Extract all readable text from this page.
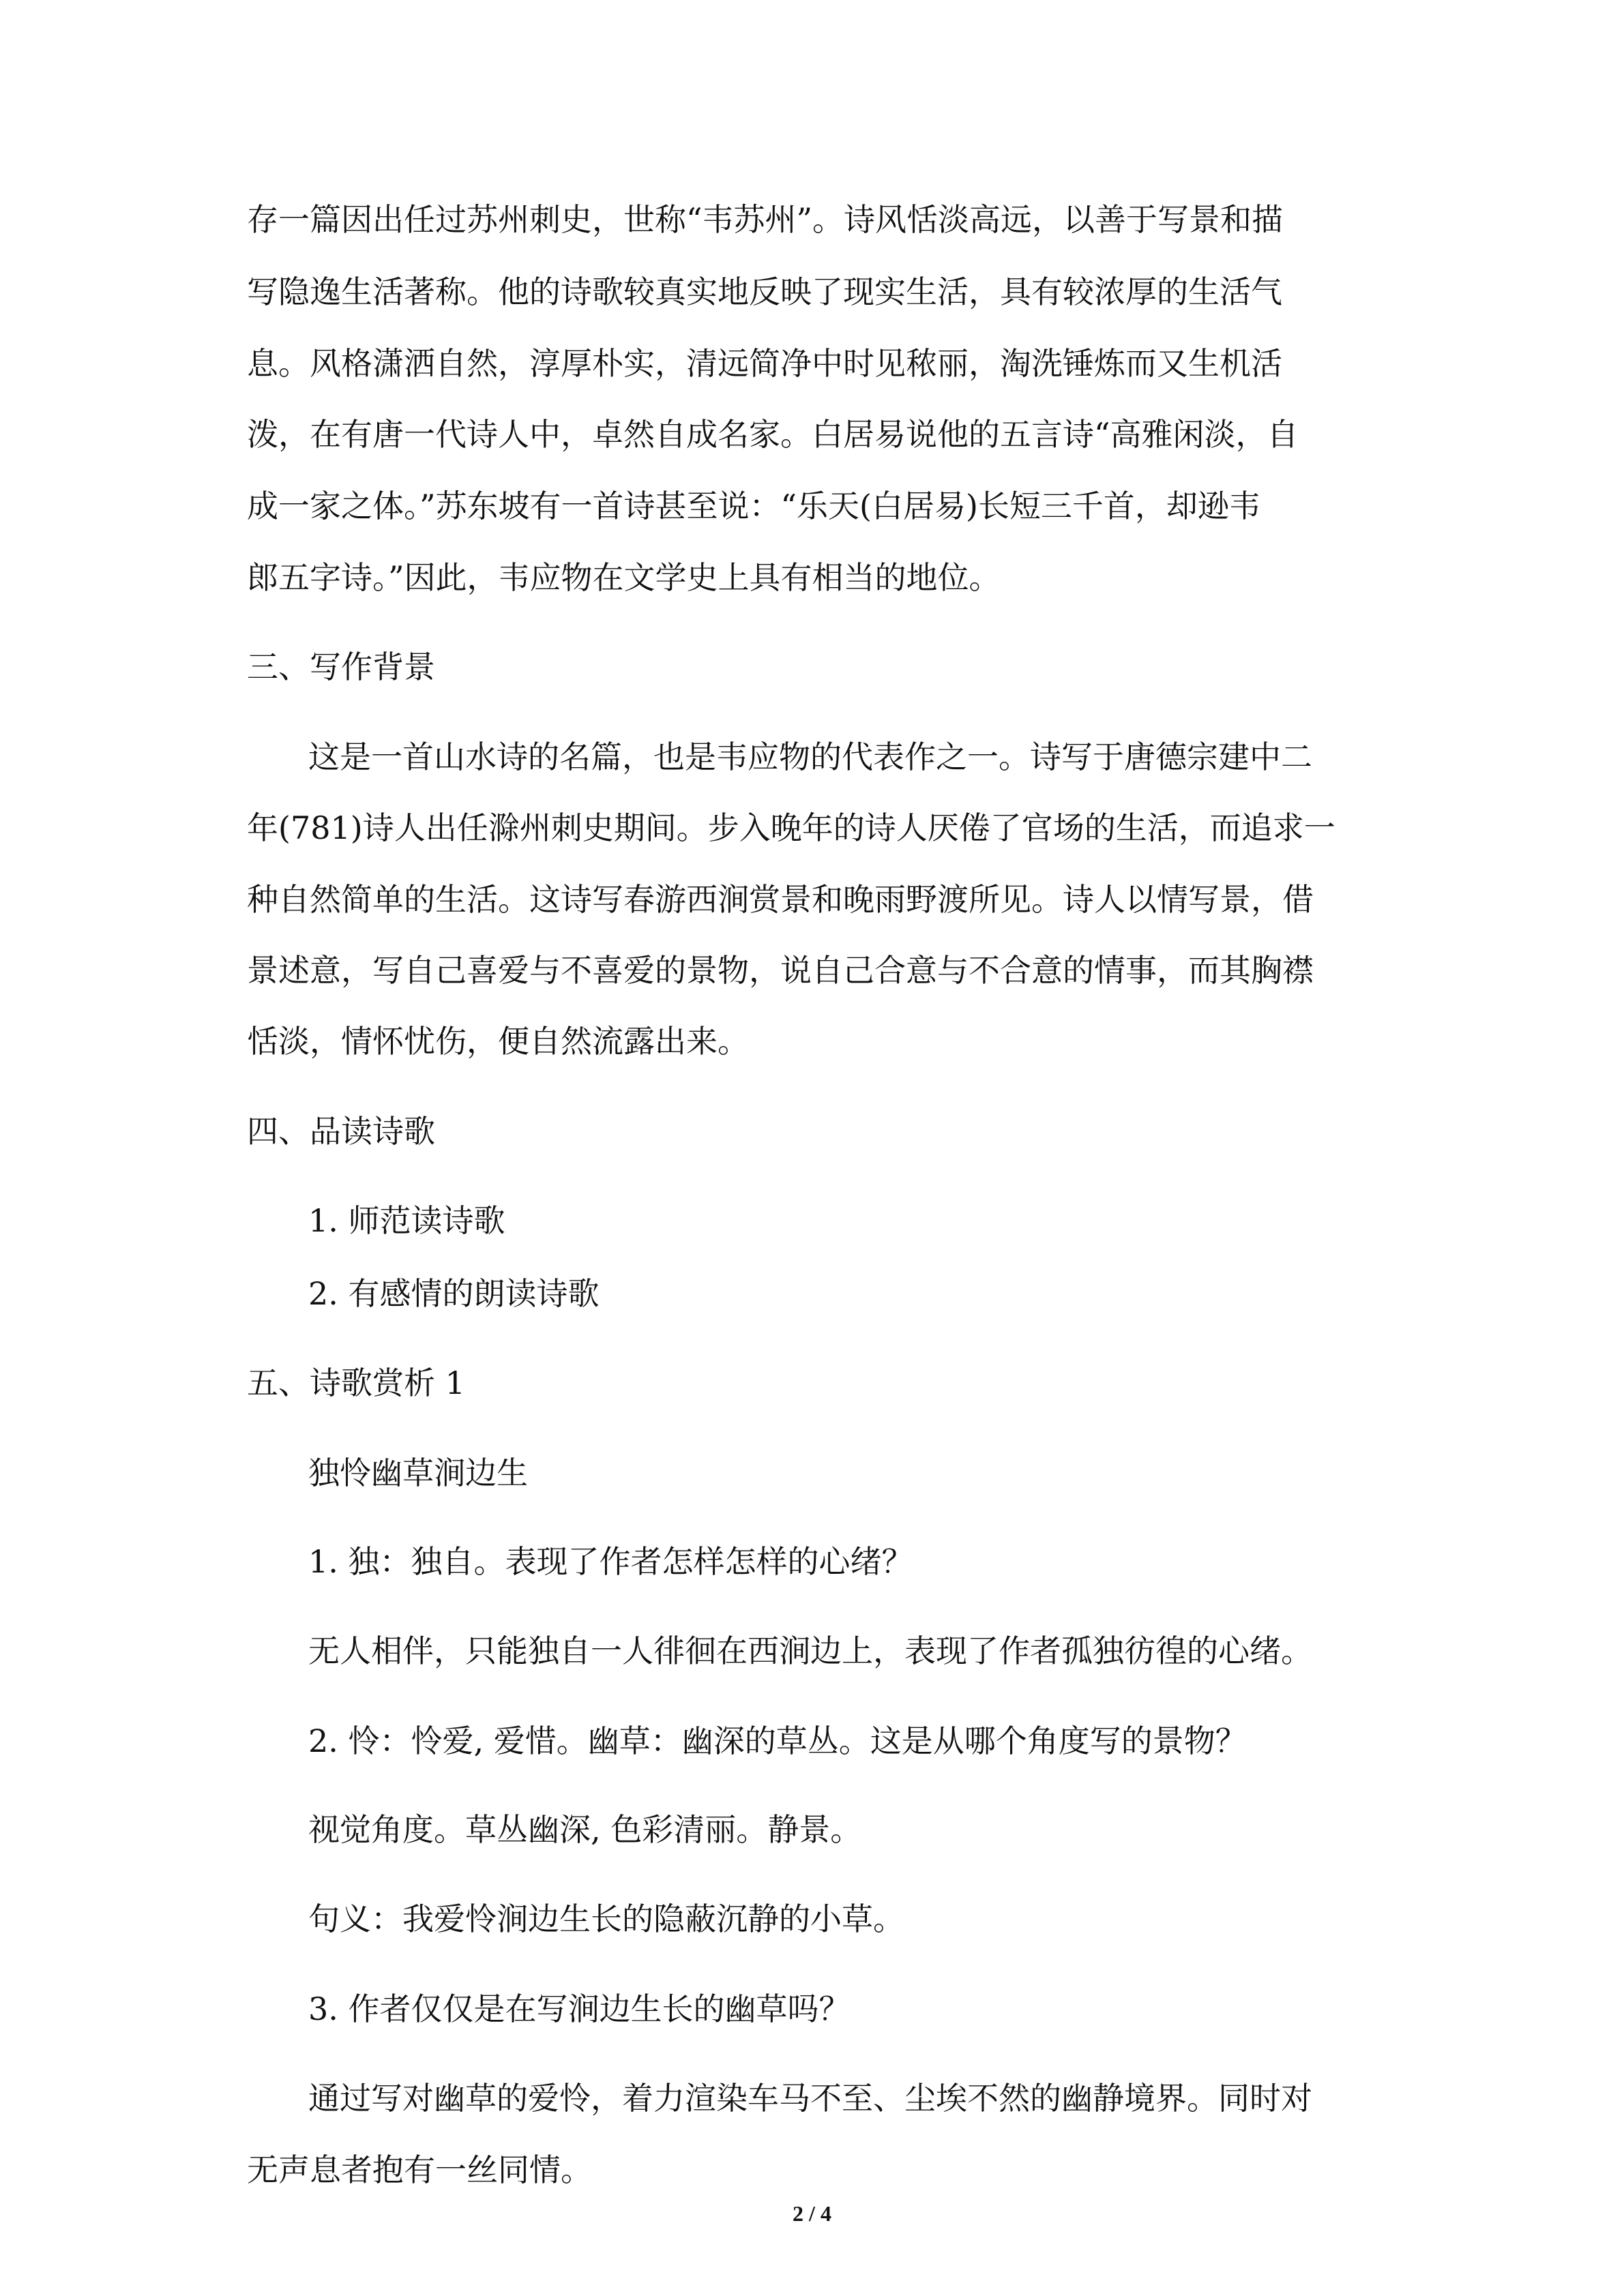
存一篇因出任过苏州刺史，世称“韦苏州”。诗风恬淡高远，以善于写景和描
写隐逸生活著称。他的诗歌较真实地反映了现实生活，具有较浓厚的生活气
息。风格潇洒自然，淳厚朴实，清远简净中时见秾丽，淘洗锤炼而又生机活
泼，在有唐一代诗人中，卓然自成名家。白居易说他的五言诗“高雅闲淡，自
成一家之体。”苏东坡有一首诗甚至说：“乐天(白居易)长短三千首，却逊韦
郎五字诗。”因此，韦应物在文学史上具有相当的地位。
三、写作背景
这是一首山水诗的名篇，也是韦应物的代表作之一。诗写于唐德宗建中二
年(781)诗人出任滁州刺史期间。步入晚年的诗人厌倦了官场的生活，而追求一
种自然简单的生活。这诗写春游西涧赏景和晚雨野渡所见。诗人以情写景，借
景述意，写自己喜爱与不喜爱的景物，说自己合意与不合意的情事，而其胸襟
恬淡，情怀忧伤，便自然流露出来。
四、品读诗歌
1. 师范读诗歌
2. 有感情的朗读诗歌
五、诗歌赏析 1
独怜幽草涧边生
1. 独：独自。表现了作者怎样怎样的心绪？
无人相伴，只能独自一人徘徊在西涧边上，表现了作者孤独彷徨的心绪。
2. 怜：怜爱, 爱惜。幽草：幽深的草丛。这是从哪个角度写的景物？
视觉角度。草丛幽深, 色彩清丽。静景。
句义：我爱怜涧边生长的隐蔽沉静的小草。
3. 作者仅仅是在写涧边生长的幽草吗？
通过写对幽草的爱怜，着力渲染车马不至、尘埃不然的幽静境界。同时对
无声息者抱有一丝同情。
2 / 4
